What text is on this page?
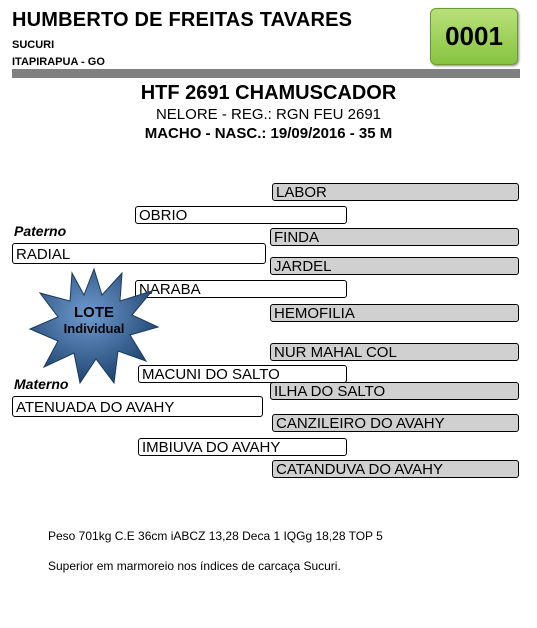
HUMBERTO DE FREITAS TAVARES
SUCURI
ITAPIRAPUA - GO
0001
HTF 2691 CHAMUSCADOR
NELORE - REG.: RGN FEU 2691
MACHO - NASC.: 19/09/2016 - 35 M
LABOR
FINDA
JARDEL
HEMOFILIA
NUR MAHAL COL
ILHA DO SALTO
CANZILEIRO DO AVAHY
CATANDUVA DO AVAHY
OBRIO
NARABA
MACUNI DO SALTO
IMBIUVA DO AVAHY
Paterno
RADIAL
Materno
ATENUADA DO AVAHY
LOTE
Individual
Peso 701kg C.E 36cm iABCZ 13,28 Deca 1 IQGg 18,28 TOP 5
Superior em marmoreio nos índices de carcaça Sucuri.
